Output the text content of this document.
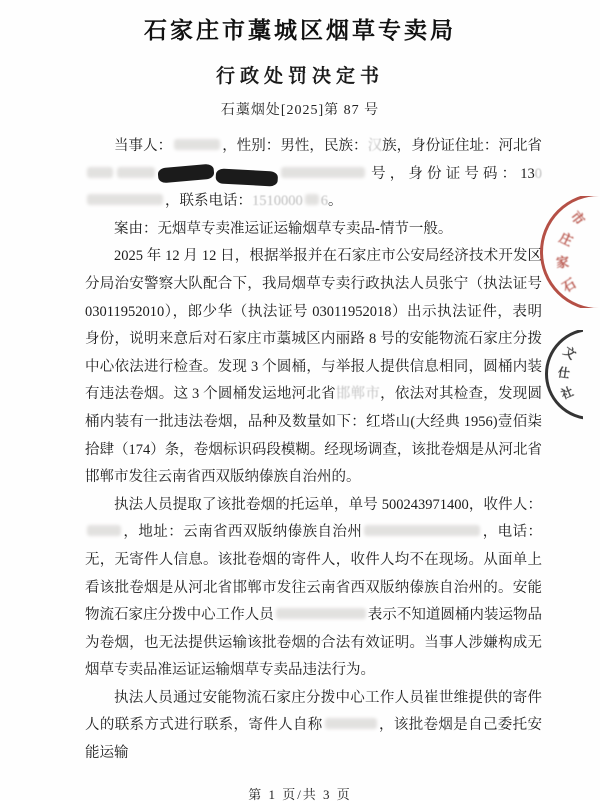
石家庄市藁城区烟草专卖局
行政处罚决定书
石藁烟处[2025]第 87 号

当事人：	，性别：男性，民族：汉族，身份证住址：河北省号，身份证号码：130，联系电话：1510000 6。

案由：无烟草专卖准运证运输烟草专卖品-情节一般。

2025 年 12 月 12 日，根据举报并在石家庄市公安局经济技术开发区分局治安警察大队配合下，我局烟草专卖行政执法人员张宁（执法证号 03011952010），郎少华（执法证号 03011952018）出示执法证件，表明身份，说明来意后对石家庄市藁城区内丽路 8 号的安能物流石家庄分拨中心依法进行检查。发现 3 个圆桶，与举报人提供信息相同，圆桶内装有违法卷烟。这 3 个圆桶发运地河北省邯郸市，依法对其检查，发现圆桶内装有一批违法卷烟，品种及数量如下：红塔山(大经典 1956)壹佰柒拾肆（174）条，卷烟标识码段模糊。经现场调查，该批卷烟是从河北省邯郸市发往云南省西双版纳傣族自治州的。

执法人员提取了该批卷烟的托运单，单号 500243971400，收件人：，地址：云南省西双版纳傣族自治州	，电话：无，无寄件人信息。该批卷烟的寄件人，收件人均不在现场。从面单上看该批卷烟是从河北省邯郸市发往云南省西双版纳傣族自治州的。安能物流石家庄分拨中心工作人员	表示不知道圆桶内装运物品为卷烟，也无法提供运输该批卷烟的合法有效证明。当事人涉嫌构成无烟草专卖品准运证运输烟草专卖品违法行为。

执法人员通过安能物流石家庄分拨中心工作人员崔世维提供的寄件人的联系方式进行联系，寄件人自称	，该批卷烟是自己委托安能运输

第 1 页/共 3 页
市
庄
家
石
文
仕
社
